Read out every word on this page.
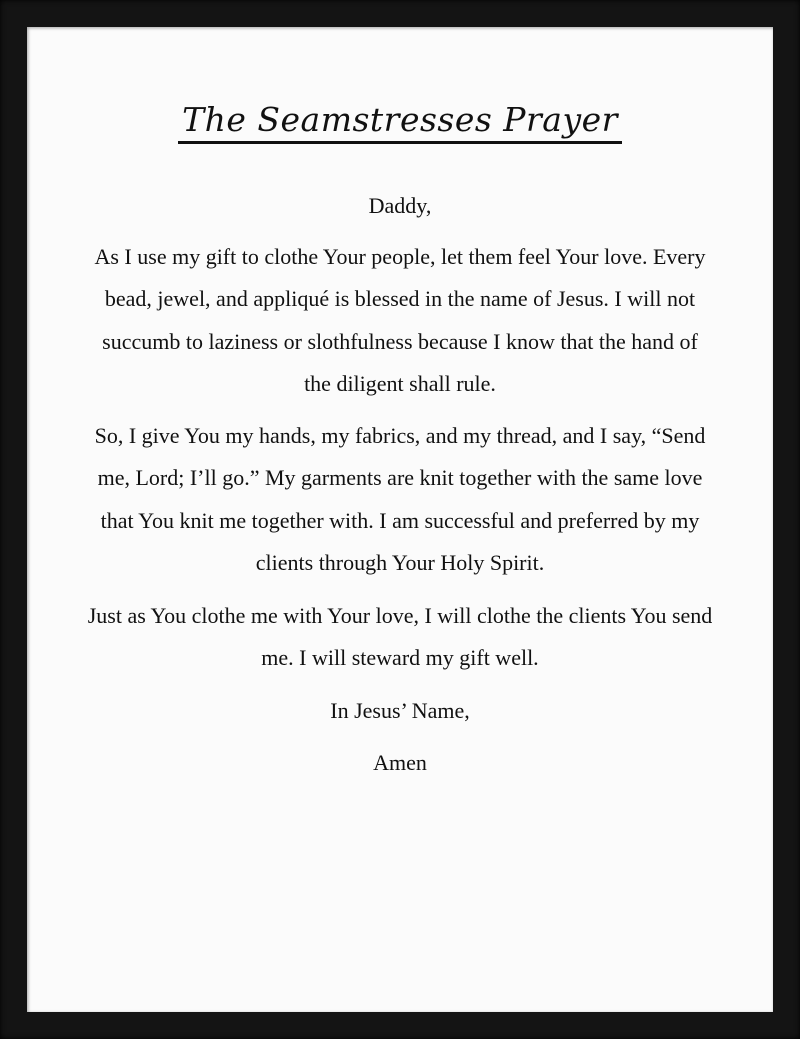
The Seamstresses Prayer

Daddy,

As I use my gift to clothe Your people, let them feel Your love. Every bead, jewel, and appliqué is blessed in the name of Jesus. I will not succumb to laziness or slothfulness because I know that the hand of the diligent shall rule.

So, I give You my hands, my fabrics, and my thread, and I say, “Send me, Lord; I’ll go.” My garments are knit together with the same love that You knit me together with. I am successful and preferred by my clients through Your Holy Spirit.

Just as You clothe me with Your love, I will clothe the clients You send me. I will steward my gift well.

In Jesus’ Name,

Amen
